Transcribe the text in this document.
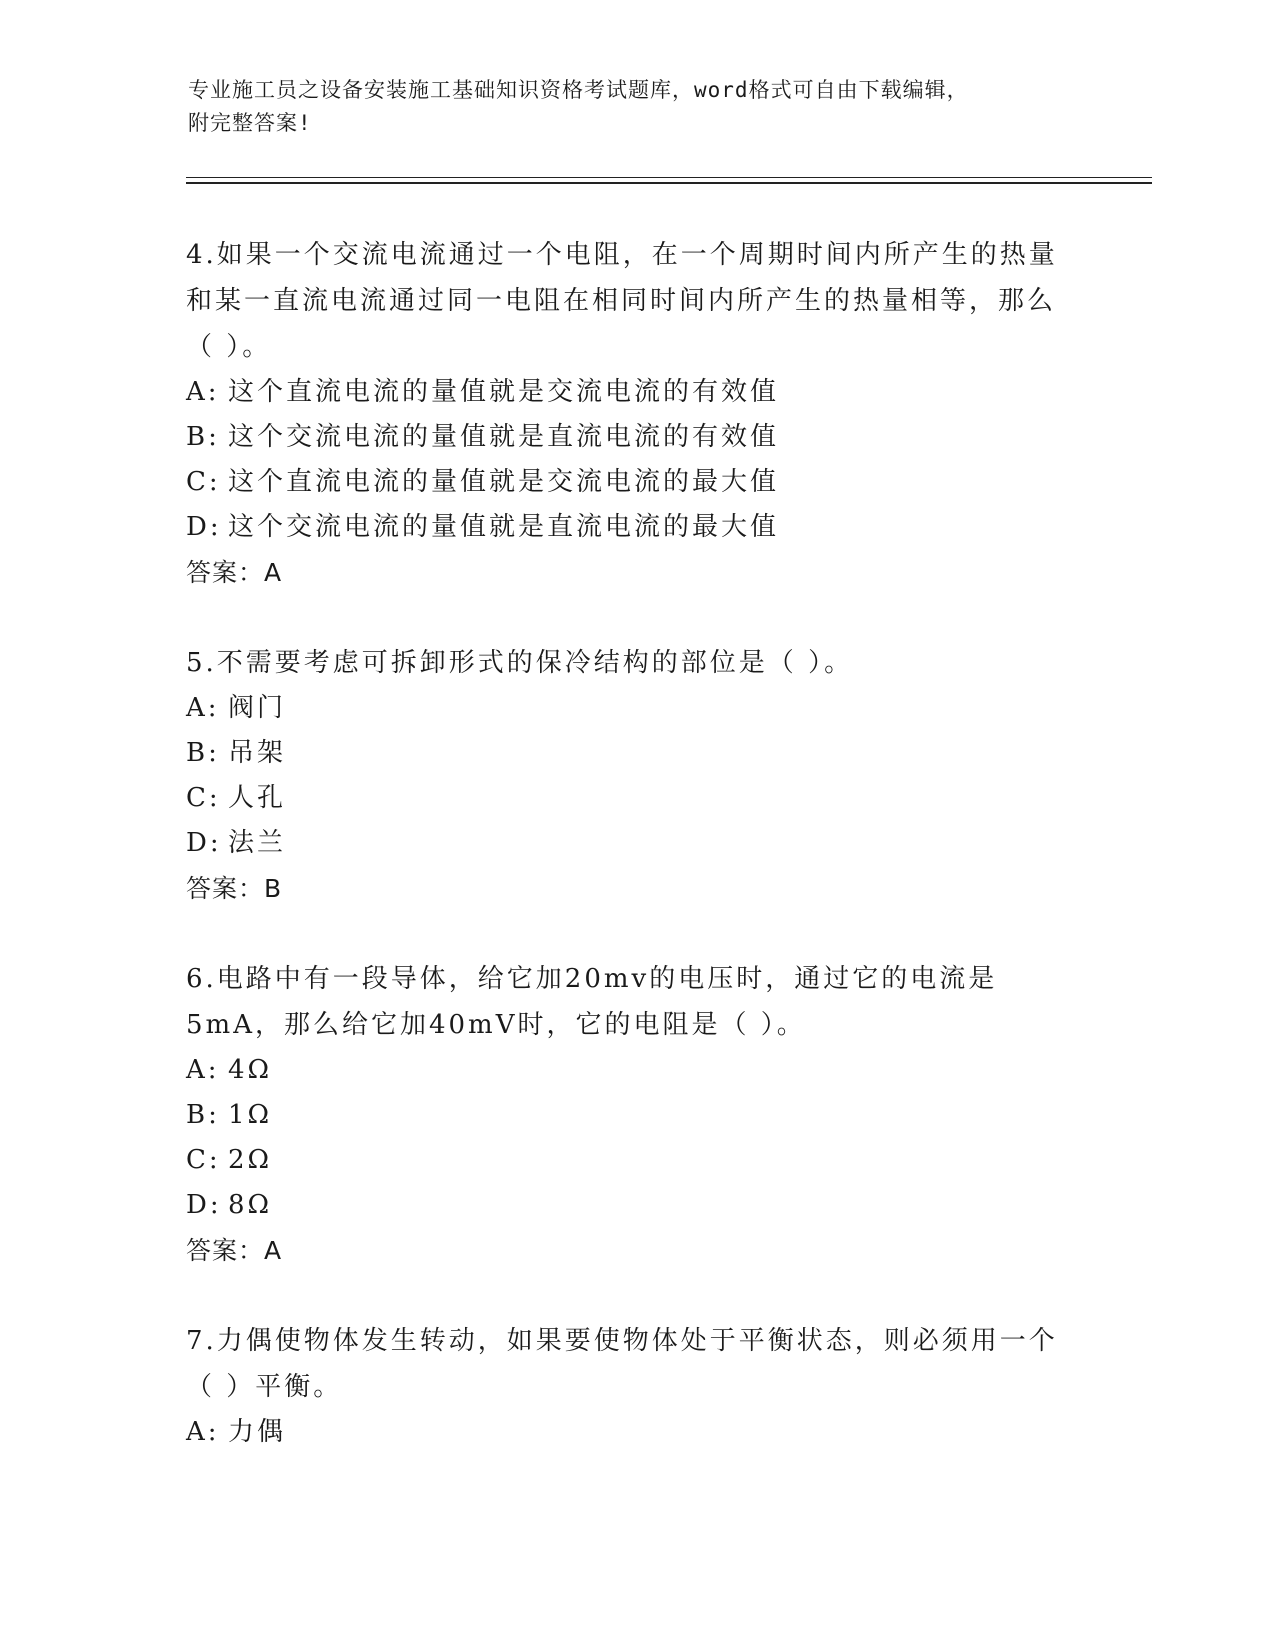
专业施工员之设备安装施工基础知识资格考试题库，word格式可自由下载编辑，
附完整答案!

4.如果一个交流电流通过一个电阻，在一个周期时间内所产生的热量和某一直流电流通过同一电阻在相同时间内所产生的热量相等，那么（ ）。

A: 这个直流电流的量值就是交流电流的有效值

B: 这个交流电流的量值就是直流电流的有效值

C: 这个直流电流的量值就是交流电流的最大值

D: 这个交流电流的量值就是直流电流的最大值

答案：A

5.不需要考虑可拆卸形式的保冷结构的部位是（ ）。

A: 阀门

B: 吊架

C: 人孔

D: 法兰

答案：B

6.电路中有一段导体，给它加20mv的电压时，通过它的电流是5mA，那么给它加40mV时，它的电阻是（ ）。

A: 4Ω

B: 1Ω

C: 2Ω

D: 8Ω

答案：A

7.力偶使物体发生转动，如果要使物体处于平衡状态，则必须用一个（ ）平衡。

A: 力偶
